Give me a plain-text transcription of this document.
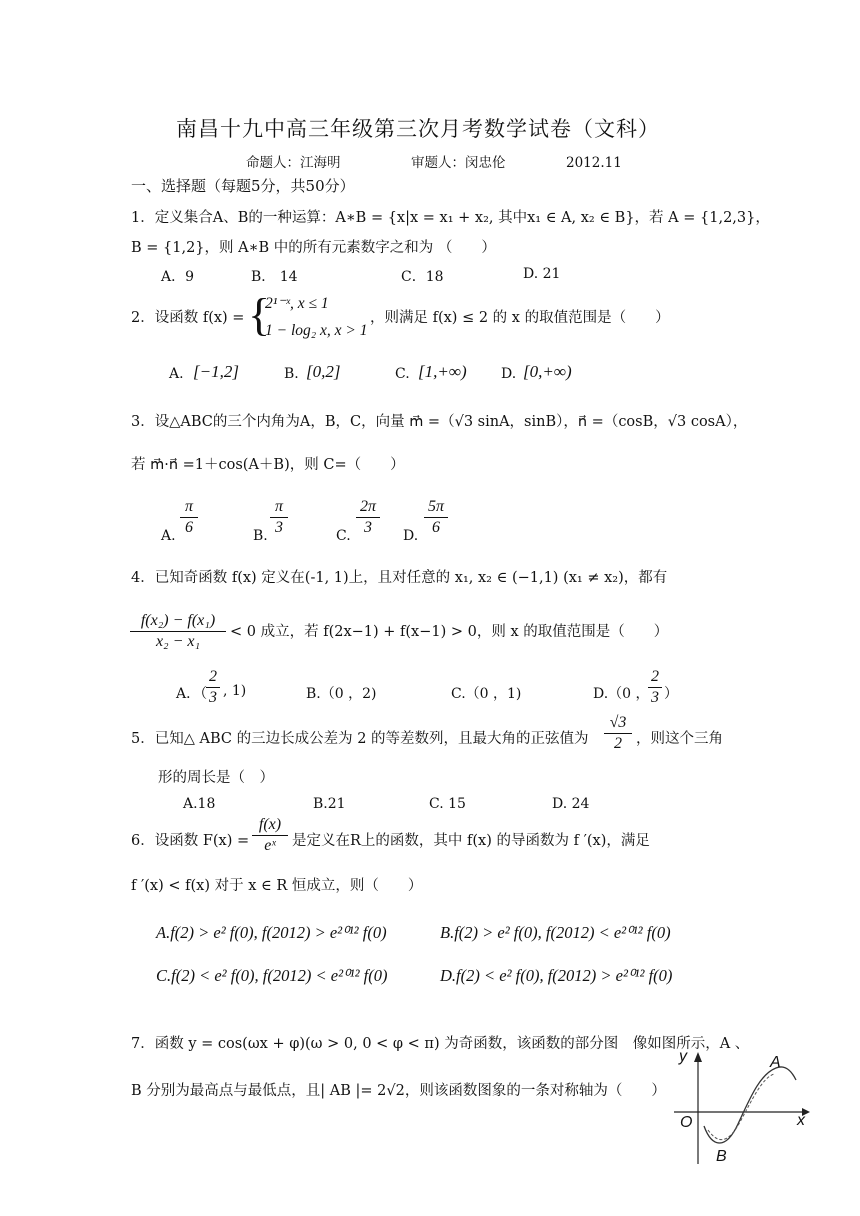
南昌十九中高三年级第三次月考数学试卷（文科）
命题人：江海明	审题人：闵忠伦	2012.11
一、选择题（每题5分，共50分）
1．定义集合A、B的一种运算：A∗B = {x|x = x₁ + x₂, 其中x₁ ∈ A, x₂ ∈ B}，若 A = {1,2,3}，
B = {1,2}，则 A∗B 中的所有元素数字之和为 （　　）
A．9	B． 14	C．18	D. 21
2．设函数 f(x) = {
2¹⁻ˣ, x ≤ 1
1 − log₂ x, x > 1
，则满足 f(x) ≤ 2 的 x 的取值范围是（　　）
A. [−1,2]	B. [0,2]	C. [1,+∞) D. [0,+∞)
3．设△ABC的三个内角为A，B，C，向量 m⃗ =（√3 sinA，sinB），n⃗ =（cosB，√3 cosA），
若 m⃗·n⃗ =1＋cos(A＋B)，则 C=（　　）
A.
π
6	B.
π
3	C.
2π
3	D.
5π
6
4．已知奇函数 f(x) 定义在(-1, 1)上，且对任意的 x₁, x₂ ∈ (−1,1) (x₁ ≠ x₂)，都有
f(x₂) − f(x₁)
x₂ − x₁
< 0 成立，若 f(2x−1) + f(x−1) > 0，则 x 的取值范围是（　　）
A．（
2
3 , 1)	B.（0 ，2)	C.（0 ，1)	D.（0 ，
2
3 ）
5．已知△ ABC 的三边长成公差为 2 的等差数列，且最大角的正弦值为
√3
2 ，则这个三角
形的周长是（　）
A.18	B.21	C. 15	D. 24
6．设函数 F(x) =
f(x)
eˣ	是定义在R上的函数，其中 f(x) 的导函数为 f ′(x)，满足
f ′(x) < f(x) 对于 x ∈ R 恒成立，则（　　）
A.f(2) > e² f(0), f(2012) > e²⁰¹² f(0)	B.f(2) > e² f(0), f(2012) < e²⁰¹² f(0)
C.f(2) < e² f(0), f(2012) < e²⁰¹² f(0)	D.f(2) < e² f(0), f(2012) > e²⁰¹² f(0)
7．函数 y = cos(ωx + φ)(ω > 0, 0 < φ < π) 为奇函数，该函数的部分图　像如图所示，A 、
B 分别为最高点与最低点，且| AB |= 2√2，则该函数图象的一条对称轴为（　　）
y	A
O	x
B
